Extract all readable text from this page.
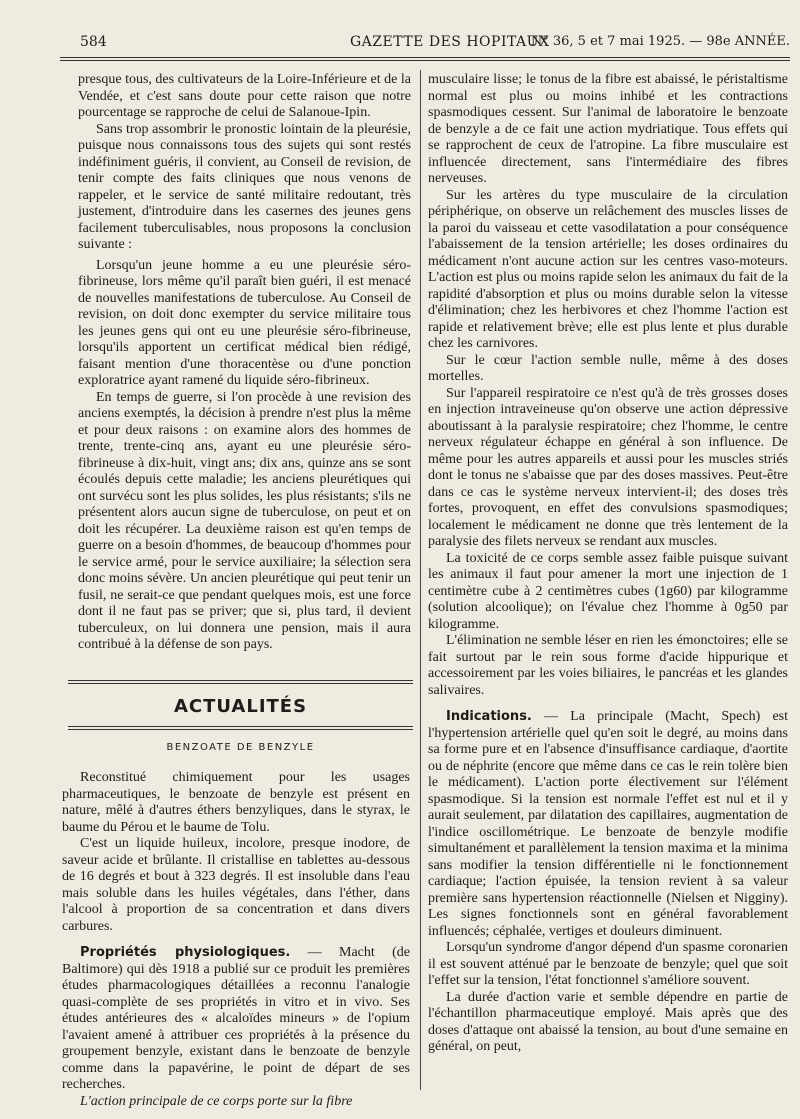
584	GAZETTE DES HOPITAUX
N° 36, 5 et 7 mai 1925. — 98e ANNÉE.

presque tous, des cultivateurs de la Loire-Inférieure et de la Vendée, et c'est sans doute pour cette raison que notre pourcentage se rapproche de celui de Salanoue-Ipin.

Sans trop assombrir le pronostic lointain de la pleurésie, puisque nous connaissons tous des sujets qui sont restés indéfiniment guéris, il convient, au Conseil de revision, de tenir compte des faits cliniques que nous venons de rappeler, et le service de santé militaire redoutant, très justement, d'introduire dans les casernes des jeunes gens facilement tuberculisables, nous proposons la conclusion suivante :

Lorsqu'un jeune homme a eu une pleurésie séro-fibrineuse, lors même qu'il paraît bien guéri, il est menacé de nouvelles manifestations de tuberculose. Au Conseil de revision, on doit donc exempter du service militaire tous les jeunes gens qui ont eu une pleurésie séro-fibrineuse, lorsqu'ils apportent un certificat médical bien rédigé, faisant mention d'une thoracentèse ou d'une ponction exploratrice ayant ramené du liquide séro-fibrineux.

En temps de guerre, si l'on procède à une revision des anciens exemptés, la décision à prendre n'est plus la même et pour deux raisons : on examine alors des hommes de trente, trente-cinq ans, ayant eu une pleurésie séro-fibrineuse à dix-huit, vingt ans; dix ans, quinze ans se sont écoulés depuis cette maladie; les anciens pleurétiques qui ont survécu sont les plus solides, les plus résistants; s'ils ne présentent alors aucun signe de tuberculose, on peut et on doit les récupérer. La deuxième raison est qu'en temps de guerre on a besoin d'hommes, de beaucoup d'hommes pour le service armé, pour le service auxiliaire; la sélection sera donc moins sévère. Un ancien pleurétique qui peut tenir un fusil, ne serait-ce que pendant quelques mois, est une force dont il ne faut pas se priver; que si, plus tard, il devient tuberculeux, on lui donnera une pension, mais il aura contribué à la défense de son pays.

ACTUALITÉS
BENZOATE DE BENZYLE

Reconstitué chimiquement pour les usages pharmaceutiques, le benzoate de benzyle est présent en nature, mêlé à d'autres éthers benzyliques, dans le styrax, le baume du Pérou et le baume de Tolu.

C'est un liquide huileux, incolore, presque inodore, de saveur acide et brûlante. Il cristallise en tablettes au-dessous de 16 degrés et bout à 323 degrés. Il est insoluble dans l'eau mais soluble dans les huiles végétales, dans l'éther, dans l'alcool à proportion de sa concentration et dans divers carbures.

Propriétés physiologiques. — Macht (de Baltimore) qui dès 1918 a publié sur ce produit les premières études pharmacologiques détaillées a reconnu l'analogie quasi-complète de ses propriétés in vitro et in vivo. Ses études antérieures des « alcaloïdes mineurs » de l'opium l'avaient amené à attribuer ces propriétés à la présence du groupement benzyle, existant dans le benzoate de benzyle comme dans la papavérine, le point de départ de ses recherches.

L'action principale de ce corps porte sur la fibre

musculaire lisse; le tonus de la fibre est abaissé, le péristaltisme normal est plus ou moins inhibé et les contractions spasmodiques cessent. Sur l'animal de laboratoire le benzoate de benzyle a de ce fait une action mydriatique. Tous effets qui se rapprochent de ceux de l'atropine. La fibre musculaire est influencée directement, sans l'intermédiaire des fibres nerveuses.

Sur les artères du type musculaire de la circulation périphérique, on observe un relâchement des muscles lisses de la paroi du vaisseau et cette vasodilatation a pour conséquence l'abaissement de la tension artérielle; les doses ordinaires du médicament n'ont aucune action sur les centres vaso-moteurs. L'action est plus ou moins rapide selon les animaux du fait de la rapidité d'absorption et plus ou moins durable selon la vitesse d'élimination; chez les herbivores et chez l'homme l'action est rapide et relativement brève; elle est plus lente et plus durable chez les carnivores.

Sur le cœur l'action semble nulle, même à des doses mortelles.

Sur l'appareil respiratoire ce n'est qu'à de très grosses doses en injection intraveineuse qu'on observe une action dépressive aboutissant à la paralysie respiratoire; chez l'homme, le centre nerveux régulateur échappe en général à son influence. De même pour les autres appareils et aussi pour les muscles striés dont le tonus ne s'abaisse que par des doses massives. Peut-être dans ce cas le système nerveux intervient-il; des doses très fortes, provoquent, en effet des convulsions spasmodiques; localement le médicament ne donne que très lentement de la paralysie des filets nerveux se rendant aux muscles.

La toxicité de ce corps semble assez faible puisque suivant les animaux il faut pour amener la mort une injection de 1 centimètre cube à 2 centimètres cubes (1g60) par kilogramme (solution alcoolique); on l'évalue chez l'homme à 0g50 par kilogramme.

L'élimination ne semble léser en rien les émonctoires; elle se fait surtout par le rein sous forme d'acide hippurique et accessoirement par les voies biliaires, le pancréas et les glandes salivaires.

Indications. — La principale (Macht, Spech) est l'hypertension artérielle quel qu'en soit le degré, au moins dans sa forme pure et en l'absence d'insuffisance cardiaque, d'aortite ou de néphrite (encore que même dans ce cas le rein tolère bien le médicament). L'action porte électivement sur l'élément spasmodique. Si la tension est normale l'effet est nul et il y aurait seulement, par dilatation des capillaires, augmentation de l'indice oscillométrique. Le benzoate de benzyle modifie simultanément et parallèlement la tension maxima et la minima sans modifier la tension différentielle ni le fonctionnement cardiaque; l'action épuisée, la tension revient à sa valeur première sans hypertension réactionnelle (Nielsen et Nigginy). Les signes fonctionnels sont en général favorablement influencés; céphalée, vertiges et douleurs diminuent.

Lorsqu'un syndrome d'angor dépend d'un spasme coronarien il est souvent atténué par le benzoate de benzyle; quel que soit l'effet sur la tension, l'état fonctionnel s'améliore souvent.

La durée d'action varie et semble dépendre en partie de l'échantillon pharmaceutique employé. Mais après que des doses d'attaque ont abaissé la tension, au bout d'une semaine en général, on peut,
